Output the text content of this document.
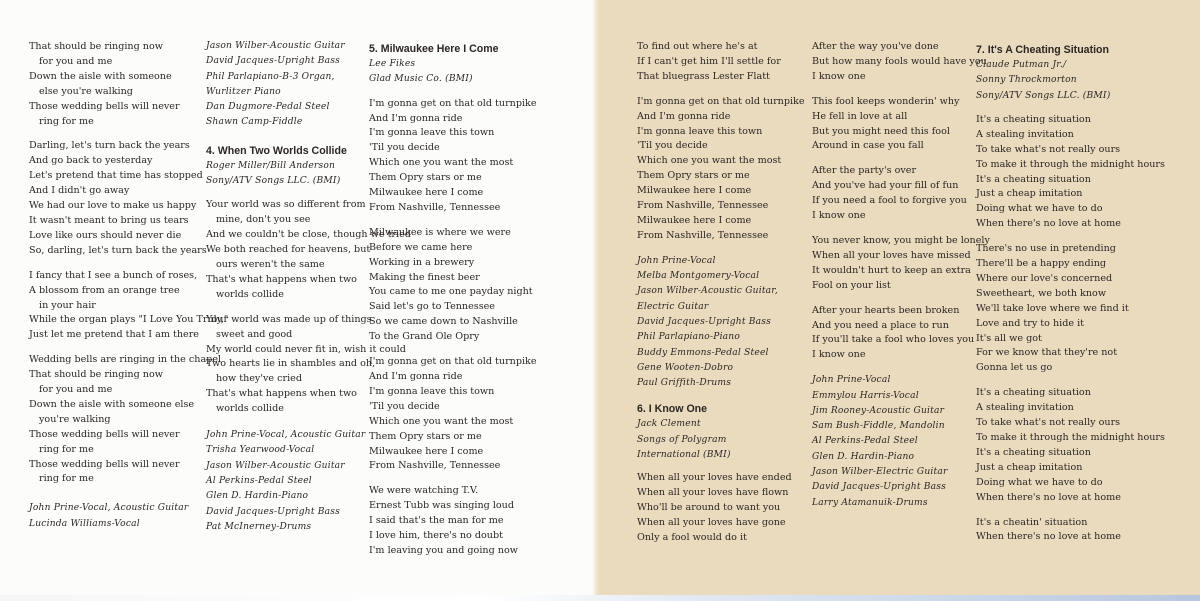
That should be ringing now
for you and me
Down the aisle with someone
else you're walking
Those wedding bells will never
ring for me
Darling, let's turn back the years
And go back to yesterday
Let's pretend that time has stopped
And I didn't go away
We had our love to make us happy
It wasn't meant to bring us tears
Love like ours should never die
So, darling, let's turn back the years
I fancy that I see a bunch of roses,
A blossom from an orange tree
in your hair
While the organ plays "I Love You Truly,"
Just let me pretend that I am there
Wedding bells are ringing in the chapel
That should be ringing now
for you and me
Down the aisle with someone else
you're walking
Those wedding bells will never
ring for me
Those wedding bells will never
ring for me
John Prine-Vocal, Acoustic Guitar
Lucinda Williams-Vocal
Jason Wilber-Acoustic Guitar
David Jacques-Upright Bass
Phil Parlapiano-B-3 Organ,
Wurlitzer Piano
Dan Dugmore-Pedal Steel
Shawn Camp-Fiddle
4. When Two Worlds Collide
Roger Miller/Bill Anderson
Sony/ATV Songs LLC. (BMI)
Your world was so different from
mine, don't you see
And we couldn't be close, though we tried
We both reached for heavens, but
ours weren't the same
That's what happens when two
worlds collide
Your world was made up of things
sweet and good
My world could never fit in, wish it could
Two hearts lie in shambles and oh,
how they've cried
That's what happens when two
worlds collide
John Prine-Vocal, Acoustic Guitar
Trisha Yearwood-Vocal
Jason Wilber-Acoustic Guitar
Al Perkins-Pedal Steel
Glen D. Hardin-Piano
David Jacques-Upright Bass
Pat McInerney-Drums
5. Milwaukee Here I Come
Lee Fikes
Glad Music Co. (BMI)
I'm gonna get on that old turnpike
And I'm gonna ride
I'm gonna leave this town
'Til you decide
Which one you want the most
Them Opry stars or me
Milwaukee here I come
From Nashville, Tennessee
Milwaukee is where we were
Before we came here
Working in a brewery
Making the finest beer
You came to me one payday night
Said let's go to Tennessee
So we came down to Nashville
To the Grand Ole Opry
I'm gonna get on that old turnpike
And I'm gonna ride
I'm gonna leave this town
'Til you decide
Which one you want the most
Them Opry stars or me
Milwaukee here I come
From Nashville, Tennessee
We were watching T.V.
Ernest Tubb was singing loud
I said that's the man for me
I love him, there's no doubt
I'm leaving you and going now
To find out where he's at
If I can't get him I'll settle for
That bluegrass Lester Flatt
I'm gonna get on that old turnpike
And I'm gonna ride
I'm gonna leave this town
'Til you decide
Which one you want the most
Them Opry stars or me
Milwaukee here I come
From Nashville, Tennessee
Milwaukee here I come
From Nashville, Tennessee
John Prine-Vocal
Melba Montgomery-Vocal
Jason Wilber-Acoustic Guitar,
Electric Guitar
David Jacques-Upright Bass
Phil Parlapiano-Piano
Buddy Emmons-Pedal Steel
Gene Wooten-Dobro
Paul Griffith-Drums
6. I Know One
Jack Clement
Songs of Polygram
International (BMI)
When all your loves have ended
When all your loves have flown
Who'll be around to want you
When all your loves have gone
Only a fool would do it
After the way you've done
But how many fools would have you
I know one
This fool keeps wonderin' why
He fell in love at all
But you might need this fool
Around in case you fall
After the party's over
And you've had your fill of fun
If you need a fool to forgive you
I know one
You never know, you might be lonely
When all your loves have missed
It wouldn't hurt to keep an extra
Fool on your list
After your hearts been broken
And you need a place to run
If you'll take a fool who loves you
I know one
John Prine-Vocal
Emmylou Harris-Vocal
Jim Rooney-Acoustic Guitar
Sam Bush-Fiddle, Mandolin
Al Perkins-Pedal Steel
Glen D. Hardin-Piano
Jason Wilber-Electric Guitar
David Jacques-Upright Bass
Larry Atamanuik-Drums
7. It's A Cheating Situation
Claude Putman Jr./
Sonny Throckmorton
Sony/ATV Songs LLC. (BMI)
It's a cheating situation
A stealing invitation
To take what's not really ours
To make it through the midnight hours
It's a cheating situation
Just a cheap imitation
Doing what we have to do
When there's no love at home
There's no use in pretending
There'll be a happy ending
Where our love's concerned
Sweetheart, we both know
We'll take love where we find it
Love and try to hide it
It's all we got
For we know that they're not
Gonna let us go
It's a cheating situation
A stealing invitation
To take what's not really ours
To make it through the midnight hours
It's a cheating situation
Just a cheap imitation
Doing what we have to do
When there's no love at home
It's a cheatin' situation
When there's no love at home
